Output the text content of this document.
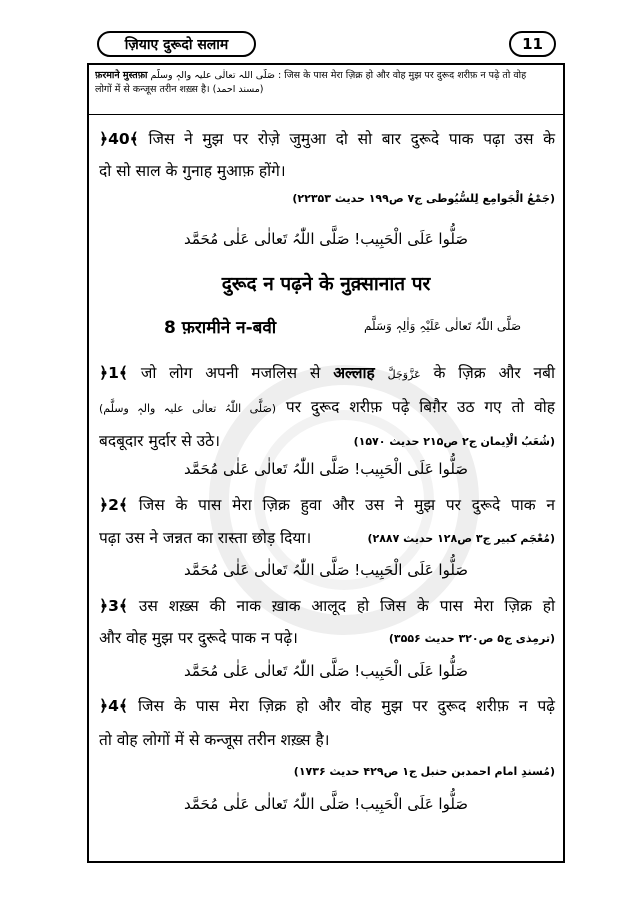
ज़ियाए दुरूदो सलाम	11
फ़रमाने मुस्तफ़ा صَلَّی اللہ تعالٰی علیہ والہٖ وسلَّم : जिस के पास मेरा ज़िक्र हो और वोह मुझ पर दुरूद शरीफ़ न पढ़े तो वोह
लोगों में से कन्जूस तरीन शख़्स है। (مسند احمد)
﴿40﴾ जिस ने मुझ पर रोज़े जुमुआ दो सो बार दुरूदे पाक पढ़ा उस के
दो सो साल के गुनाह मुआफ़ होंगे।
(جَمْعُ الْجَوامِع لِلسُّیُوطی ج۷ ص۱۹۹ حدیث ۲۲۳۵۳)
صَلُّوا عَلَی الْحَبِیب! صَلَّی اللّٰہُ تَعالٰی عَلٰی مُحَمَّد
दुरूद न पढ़ने के नुक़्सानात पर
8 फ़रामीने न-बवी	صَلَّی اللّٰہُ تَعالٰی عَلَیْہِ وَاٰلِہٖ وَسَلَّم
﴿1﴾ जो लोग अपनी मजलिस से अल्लाह عَزَّوَجَلَّ के ज़िक्र और नबी
(صَلَّی اللّٰہُ تعالٰی علیہ والہٖ وسلَّم) पर दुरूद शरीफ़ पढ़े बिग़ैर उठ गए तो वोह
बदबूदार मुर्दार से उठे।	(شُعَبُ الْاِیمان ج۲ ص۲۱۵ حدیث ۱۵۷۰)
صَلُّوا عَلَی الْحَبِیب! صَلَّی اللّٰہُ تَعالٰی عَلٰی مُحَمَّد
﴿2﴾ जिस के पास मेरा ज़िक्र हुवा और उस ने मुझ पर दुरूदे पाक न
पढ़ा उस ने जन्नत का रास्ता छोड़ दिया।	(مُعْجَم کبیر ج۳ ص۱۲۸ حدیث ۲۸۸۷)
صَلُّوا عَلَی الْحَبِیب! صَلَّی اللّٰہُ تَعالٰی عَلٰی مُحَمَّد
﴿3﴾ उस शख़्स की नाक ख़ाक आलूद हो जिस के पास मेरा ज़िक्र हो
और वोह मुझ पर दुरूदे पाक न पढ़े।	(ترمِذی ج۵ ص۳۲۰ حدیث ۳۵۵۶)
صَلُّوا عَلَی الْحَبِیب! صَلَّی اللّٰہُ تَعالٰی عَلٰی مُحَمَّد
﴿4﴾ जिस के पास मेरा ज़िक्र हो और वोह मुझ पर दुरूद शरीफ़ न पढ़े
तो वोह लोगों में से कन्जूस तरीन शख़्स है।
(مُسندِ امام احمدبن حنبل ج۱ ص۴۲۹ حدیث ۱۷۳۶)
صَلُّوا عَلَی الْحَبِیب! صَلَّی اللّٰہُ تَعالٰی عَلٰی مُحَمَّد
